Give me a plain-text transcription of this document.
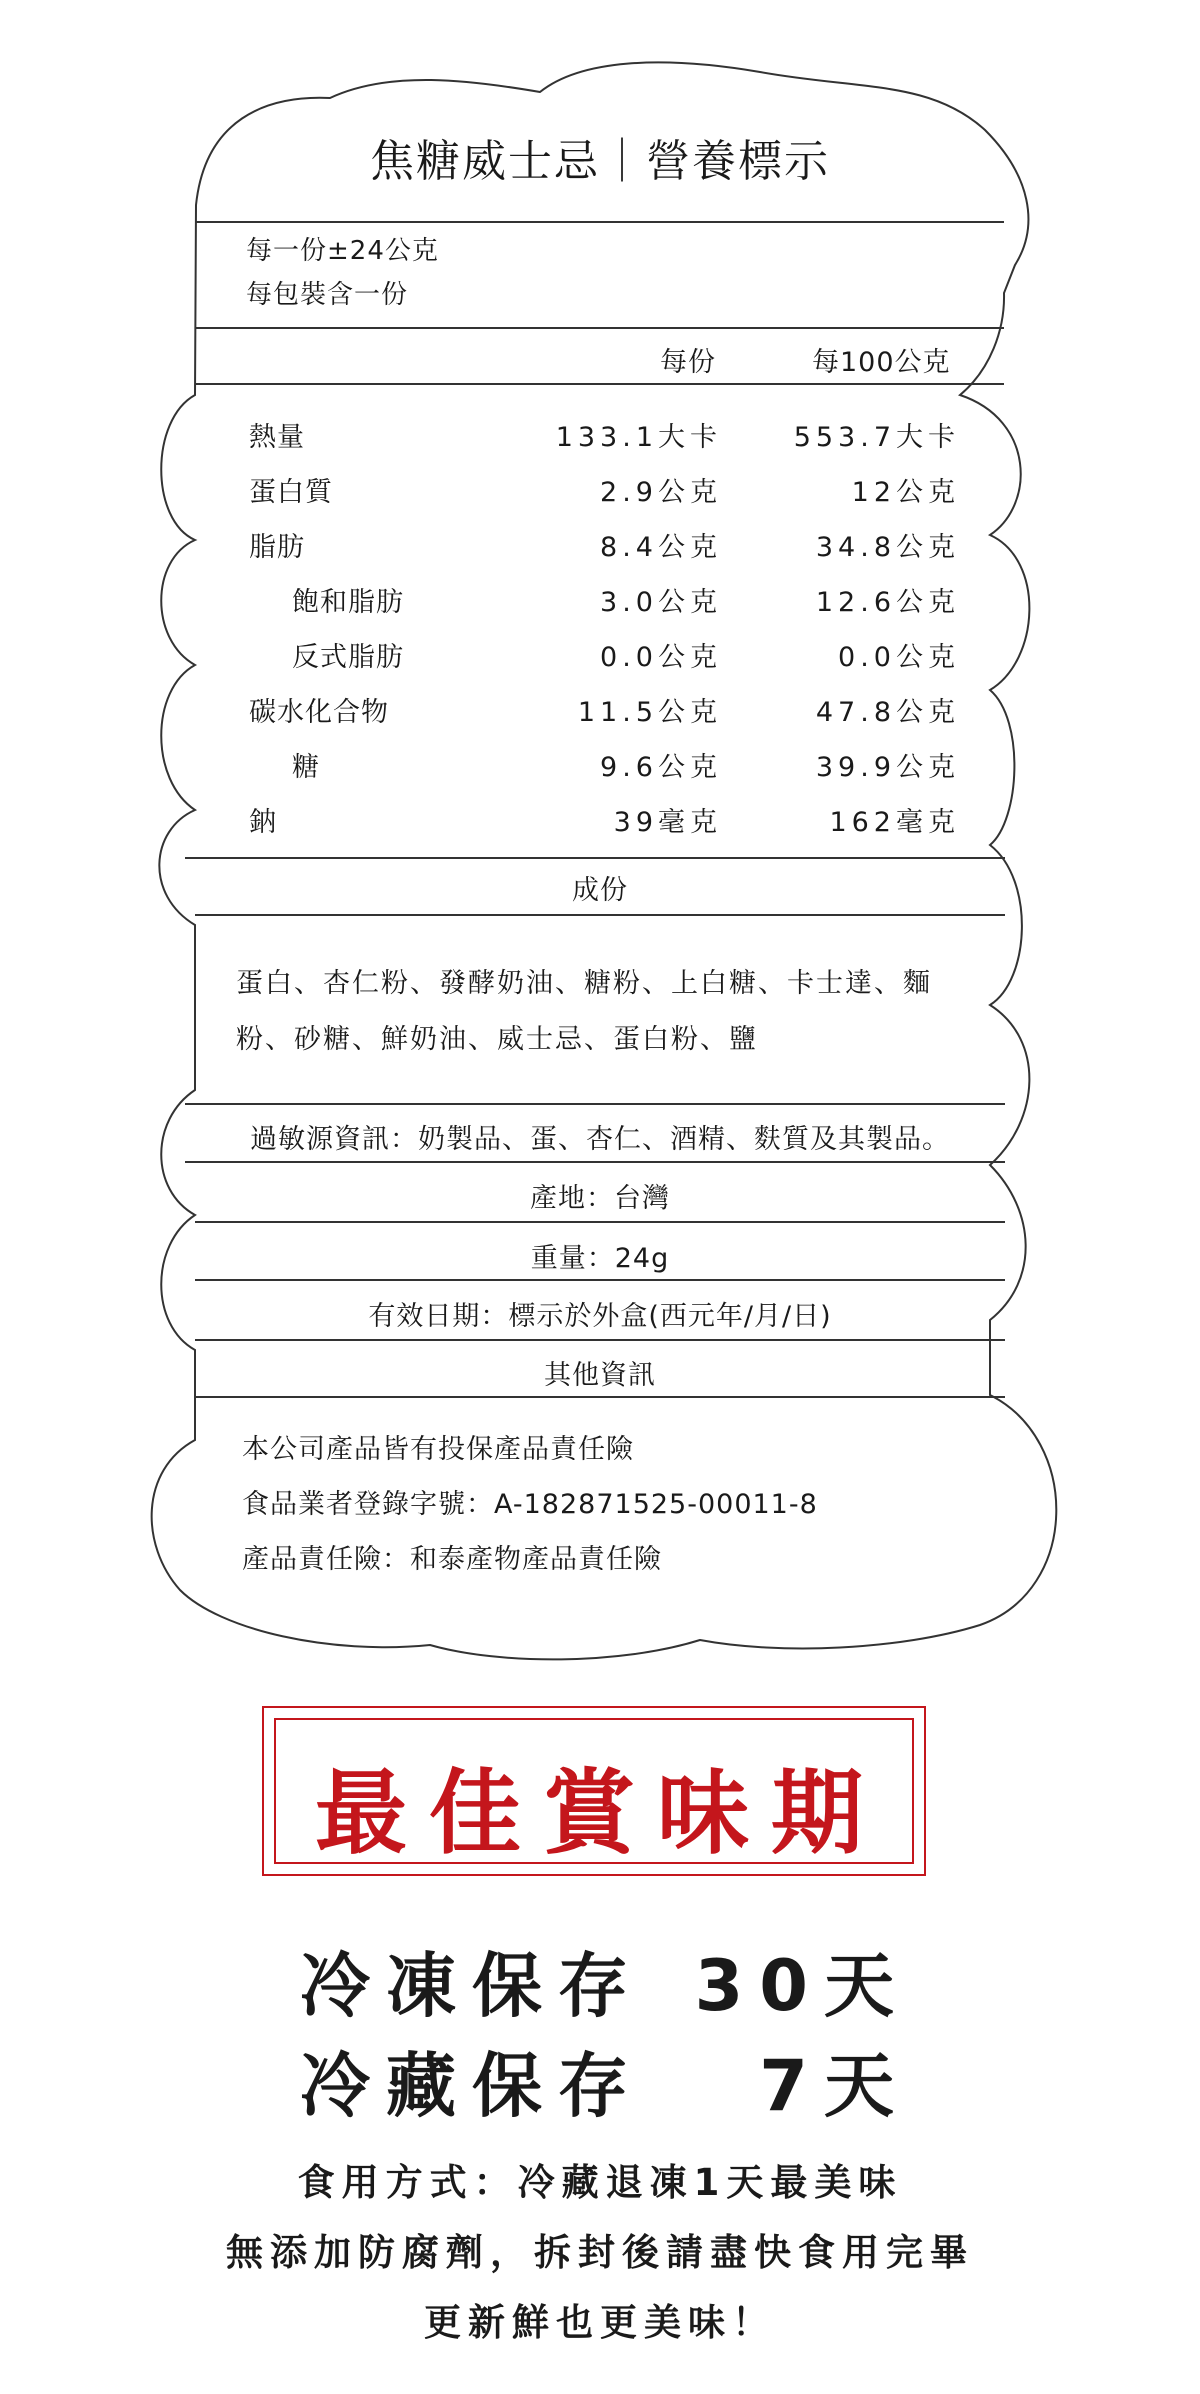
焦糖威士忌｜營養標示
每一份±24公克
每包裝含一份
每份	每100公克
熱量	133.1大卡	553.7大卡
蛋白質	2.9公克	12公克
脂肪	8.4公克	34.8公克
飽和脂肪	3.0公克	12.6公克
反式脂肪	0.0公克	0.0公克
碳水化合物	11.5公克	47.8公克
糖	9.6公克	39.9公克
鈉	39毫克	162毫克
成份
蛋白、杏仁粉、發酵奶油、糖粉、上白糖、卡士達、麵粉、砂糖、鮮奶油、威士忌、蛋白粉、鹽
過敏源資訊：奶製品、蛋、杏仁、酒精、麩質及其製品。
產地：台灣
重量：24g
有效日期：標示於外盒(西元年/月/日)
其他資訊
本公司產品皆有投保產品責任險
食品業者登錄字號：A-182871525-00011-8
產品責任險：和泰產物產品責任險
最佳賞味期
冷凍保存 30天
冷藏保存 7天
食用方式：冷藏退凍1天最美味
無添加防腐劑，拆封後請盡快食用完畢
更新鮮也更美味！
